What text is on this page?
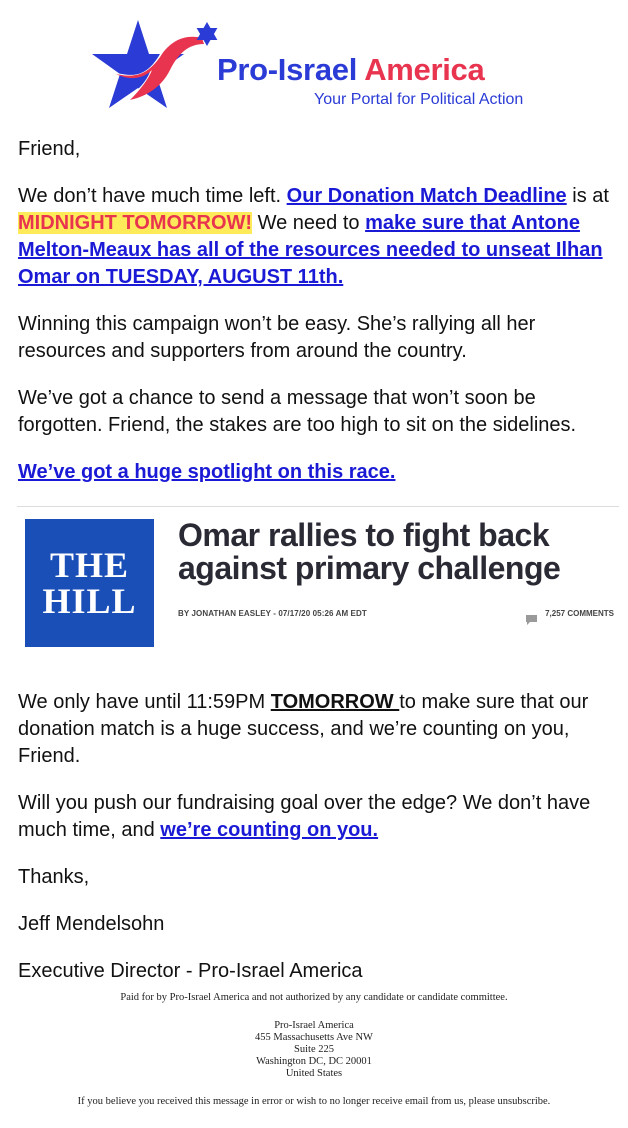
Pro-Israel America
Your Portal for Political Action

Friend,

We don’t have much time left. Our Donation Match Deadline is at MIDNIGHT TOMORROW! We need to make sure that Antone Melton-Meaux has all of the resources needed to unseat Ilhan Omar on TUESDAY, AUGUST 11th.

Winning this campaign won’t be easy. She’s rallying all her resources and supporters from around the country.

We’ve got a chance to send a message that won’t soon be forgotten. Friend, the stakes are too high to sit on the sidelines.

We’ve got a huge spotlight on this race.

THE
HILL
Omar rallies to fight back against primary challenge
BY JONATHAN EASLEY - 07/17/20 05:26 AM EDT	7,257 COMMENTS

We only have until 11:59PM TOMORROW to make sure that our donation match is a huge success, and we’re counting on you, Friend.

Will you push our fundraising goal over the edge? We don’t have much time, and we’re counting on you.

Thanks,

Jeff Mendelsohn

Executive Director - Pro-Israel America

Paid for by Pro-Israel America and not authorized by any candidate or candidate committee.

Pro-Israel America

455 Massachusetts Ave NW

Suite 225

Washington DC, DC 20001

United States

If you believe you received this message in error or wish to no longer receive email from us, please unsubscribe.
